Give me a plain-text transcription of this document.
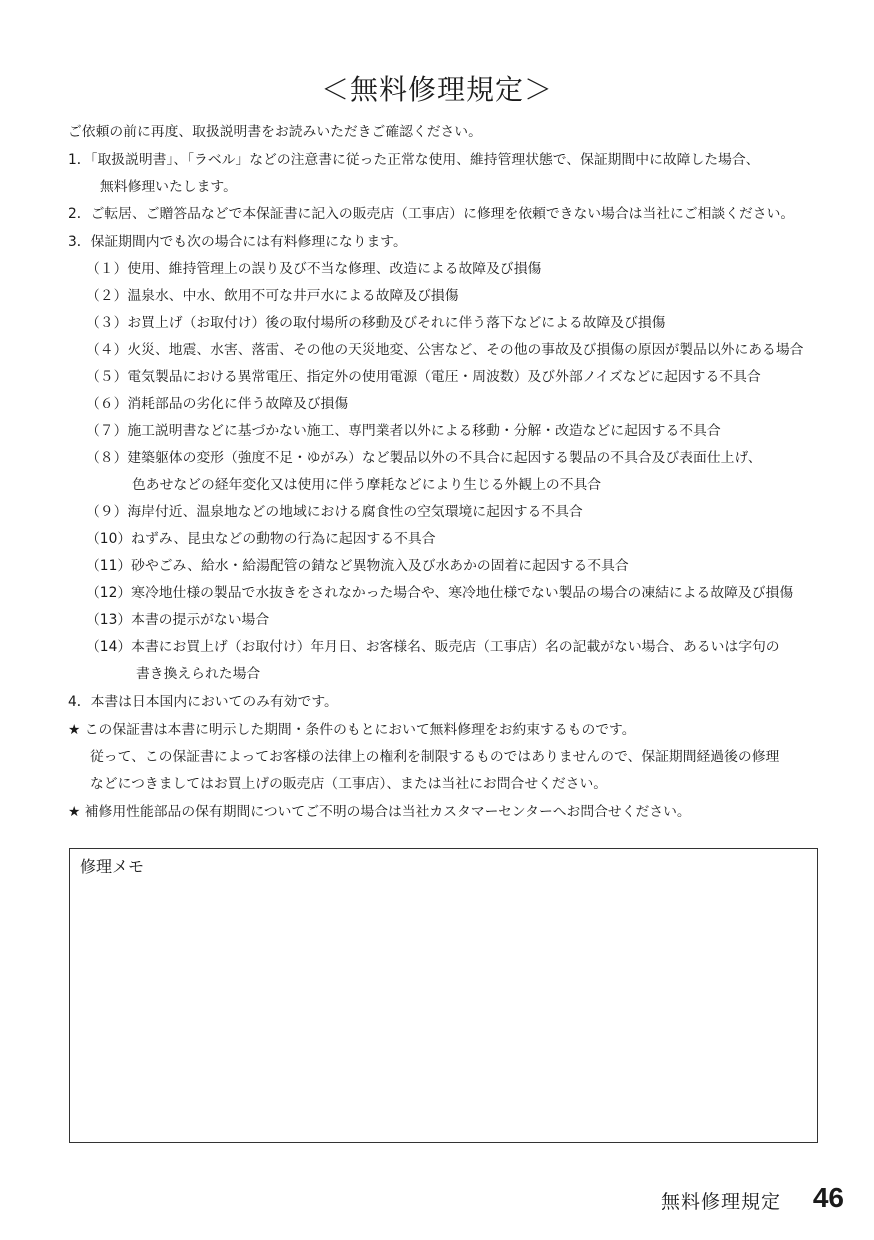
＜無料修理規定＞
ご依頼の前に再度、取扱説明書をお読みいただきご確認ください。
1．「取扱説明書」、「ラベル」などの注意書に従った正常な使用、維持管理状態で、保証期間中に故障した場合、
無料修理いたします。
2．ご転居、ご贈答品などで本保証書に記入の販売店（工事店）に修理を依頼できない場合は当社にご相談ください。
3．保証期間内でも次の場合には有料修理になります。
（１）使用、維持管理上の誤り及び不当な修理、改造による故障及び損傷
（２）温泉水、中水、飲用不可な井戸水による故障及び損傷
（３）お買上げ（お取付け）後の取付場所の移動及びそれに伴う落下などによる故障及び損傷
（４）火災、地震、水害、落雷、その他の天災地変、公害など、その他の事故及び損傷の原因が製品以外にある場合
（５）電気製品における異常電圧、指定外の使用電源（電圧・周波数）及び外部ノイズなどに起因する不具合
（６）消耗部品の劣化に伴う故障及び損傷
（７）施工説明書などに基づかない施工、専門業者以外による移動・分解・改造などに起因する不具合
（８）建築躯体の変形（強度不足・ゆがみ）など製品以外の不具合に起因する製品の不具合及び表面仕上げ、
色あせなどの経年変化又は使用に伴う摩耗などにより生じる外観上の不具合
（９）海岸付近、温泉地などの地域における腐食性の空気環境に起因する不具合
（10）ねずみ、昆虫などの動物の行為に起因する不具合
（11）砂やごみ、給水・給湯配管の錆など異物流入及び水あかの固着に起因する不具合
（12）寒冷地仕様の製品で水抜きをされなかった場合や、寒冷地仕様でない製品の場合の凍結による故障及び損傷
（13）本書の提示がない場合
（14）本書にお買上げ（お取付け）年月日、お客様名、販売店（工事店）名の記載がない場合、あるいは字句の
書き換えられた場合
4．本書は日本国内においてのみ有効です。
★ この保証書は本書に明示した期間・条件のもとにおいて無料修理をお約束するものです。
従って、この保証書によってお客様の法律上の権利を制限するものではありませんので、保証期間経過後の修理
などにつきましてはお買上げの販売店（工事店）、または当社にお問合せください。
★ 補修用性能部品の保有期間についてご不明の場合は当社カスタマーセンターへお問合せください。
修理メモ
無料修理規定 46
